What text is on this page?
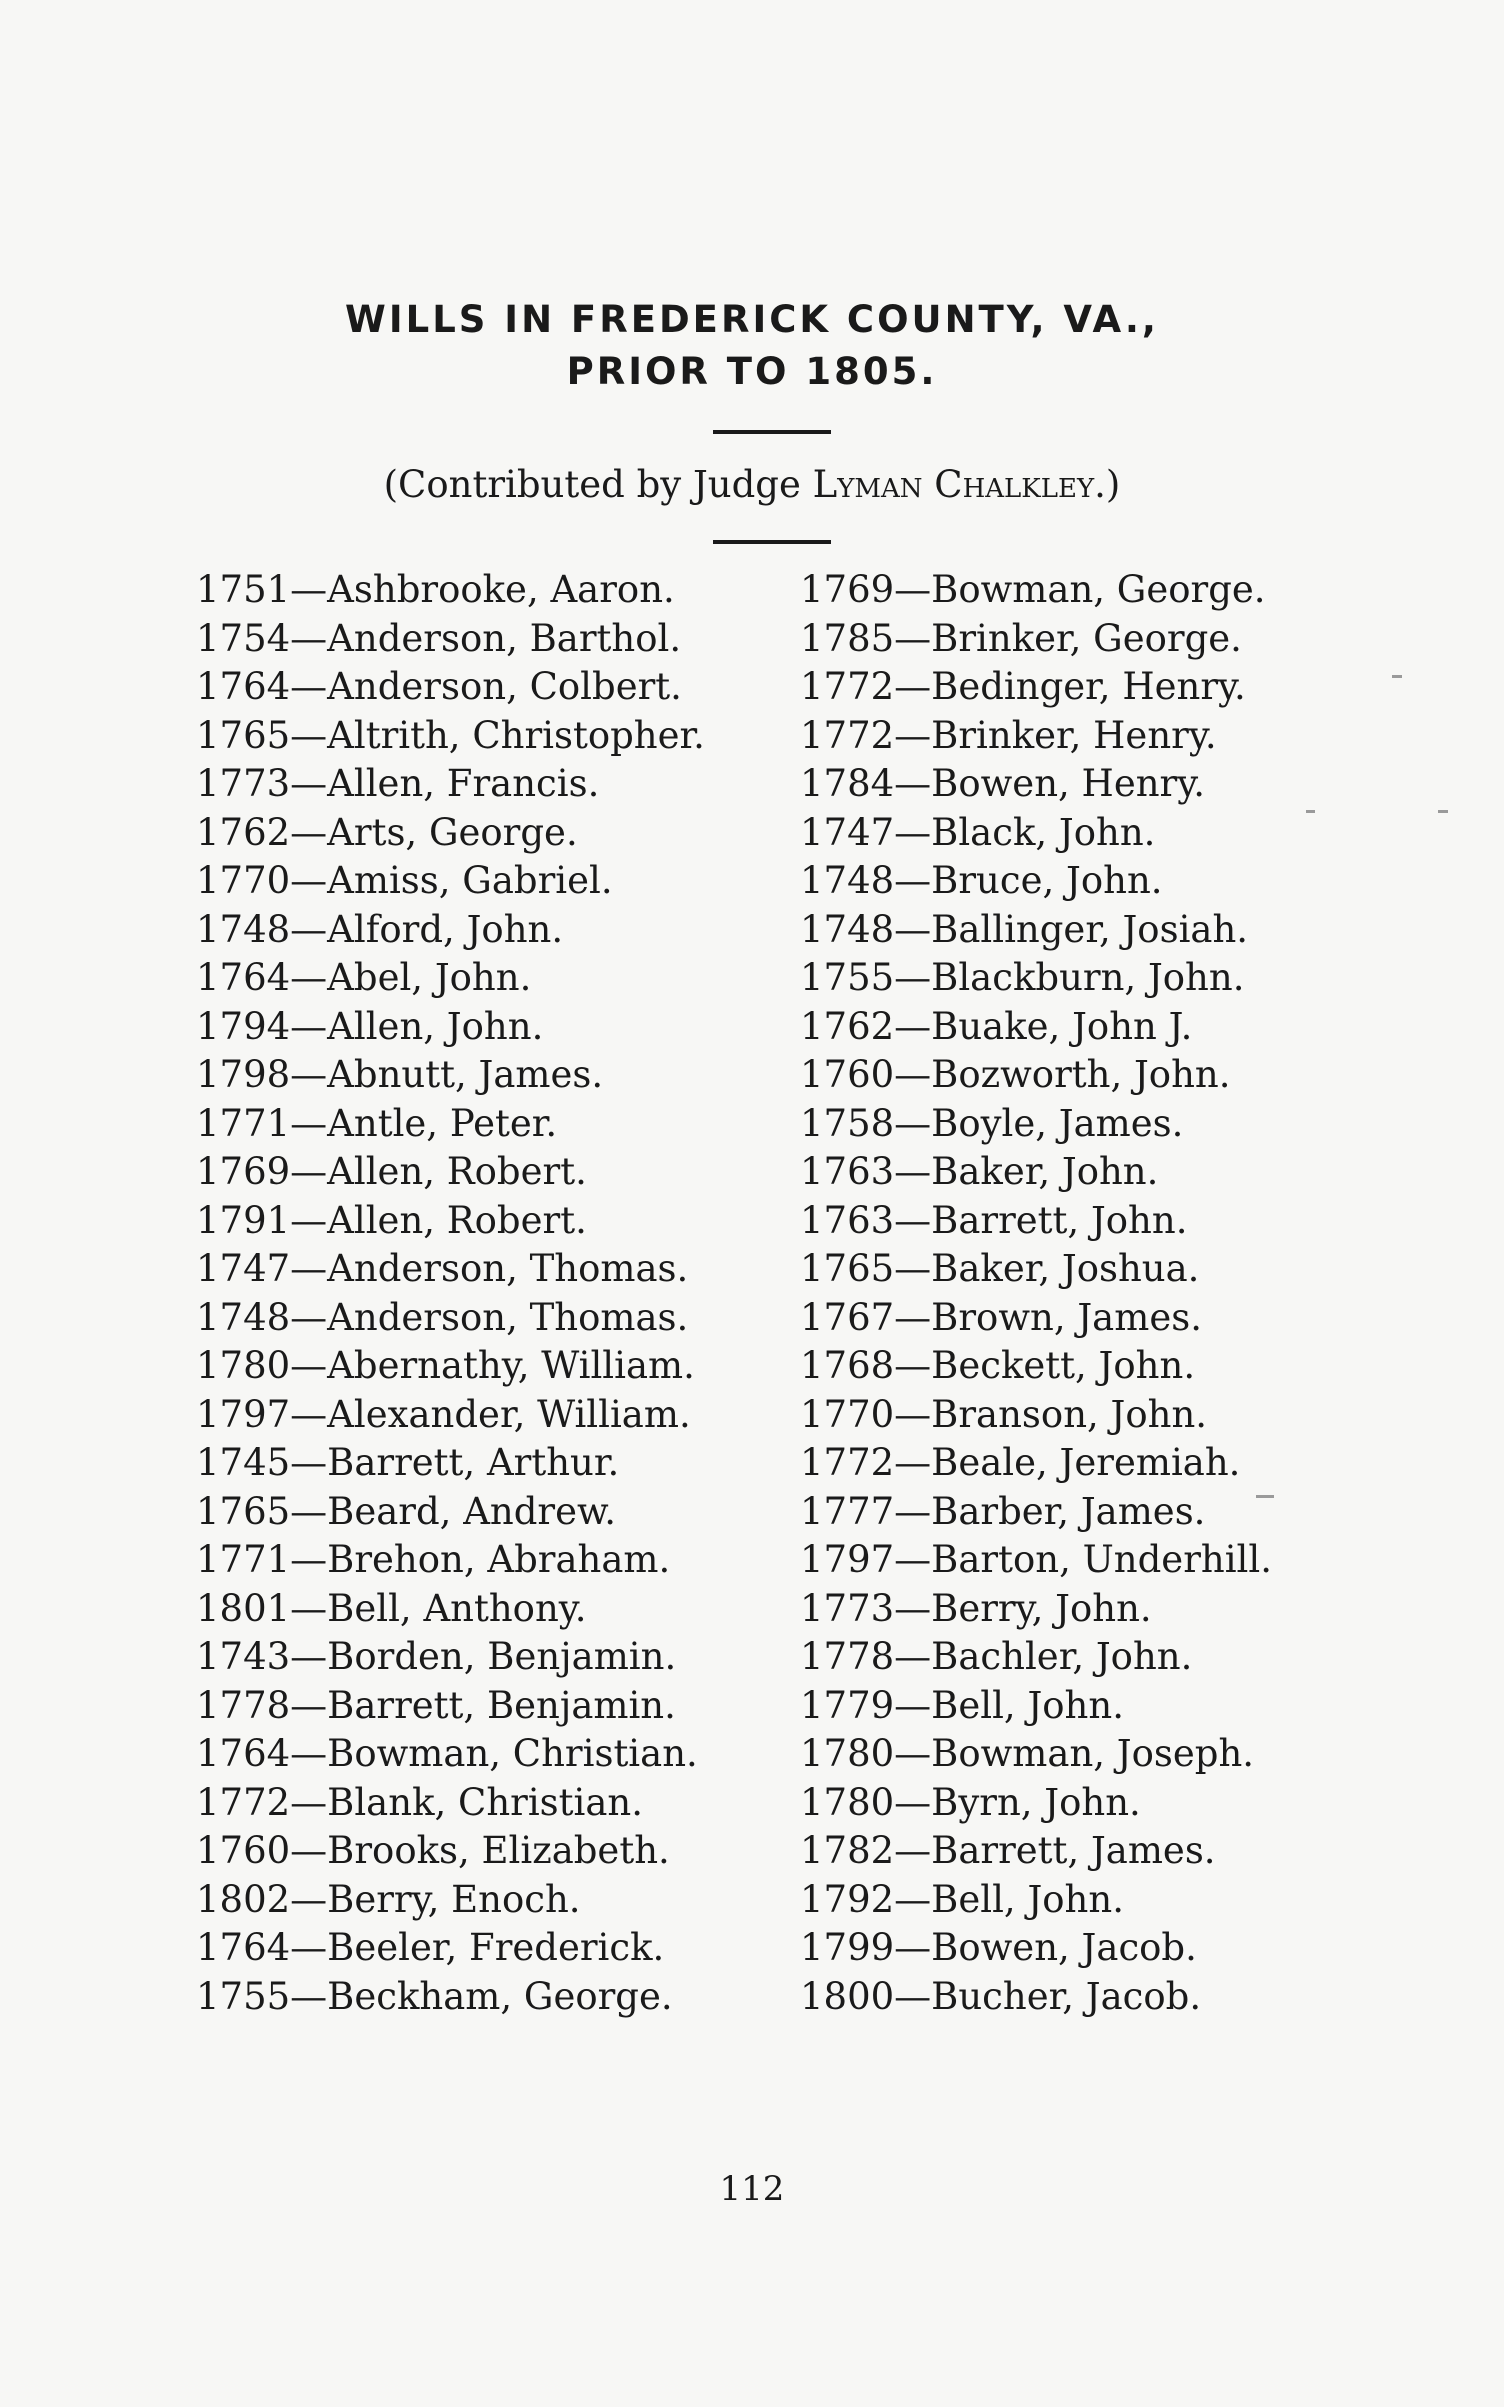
WILLS IN FREDERICK COUNTY, VA.,
PRIOR TO 1805.
(Contributed by Judge Lyman Chalkley.)
1751—Ashbrooke, Aaron.
1754—Anderson, Barthol.
1764—Anderson, Colbert.
1765—Altrith, Christopher.
1773—Allen, Francis.
1762—Arts, George.
1770—Amiss, Gabriel.
1748—Alford, John.
1764—Abel, John.
1794—Allen, John.
1798—Abnutt, James.
1771—Antle, Peter.
1769—Allen, Robert.
1791—Allen, Robert.
1747—Anderson, Thomas.
1748—Anderson, Thomas.
1780—Abernathy, William.
1797—Alexander, William.
1745—Barrett, Arthur.
1765—Beard, Andrew.
1771—Brehon, Abraham.
1801—Bell, Anthony.
1743—Borden, Benjamin.
1778—Barrett, Benjamin.
1764—Bowman, Christian.
1772—Blank, Christian.
1760—Brooks, Elizabeth.
1802—Berry, Enoch.
1764—Beeler, Frederick.
1755—Beckham, George.
1769—Bowman, George.
1785—Brinker, George.
1772—Bedinger, Henry.
1772—Brinker, Henry.
1784—Bowen, Henry.
1747—Black, John.
1748—Bruce, John.
1748—Ballinger, Josiah.
1755—Blackburn, John.
1762—Buake, John J.
1760—Bozworth, John.
1758—Boyle, James.
1763—Baker, John.
1763—Barrett, John.
1765—Baker, Joshua.
1767—Brown, James.
1768—Beckett, John.
1770—Branson, John.
1772—Beale, Jeremiah.
1777—Barber, James.
1797—Barton, Underhill.
1773—Berry, John.
1778—Bachler, John.
1779—Bell, John.
1780—Bowman, Joseph.
1780—Byrn, John.
1782—Barrett, James.
1792—Bell, John.
1799—Bowen, Jacob.
1800—Bucher, Jacob.
112
